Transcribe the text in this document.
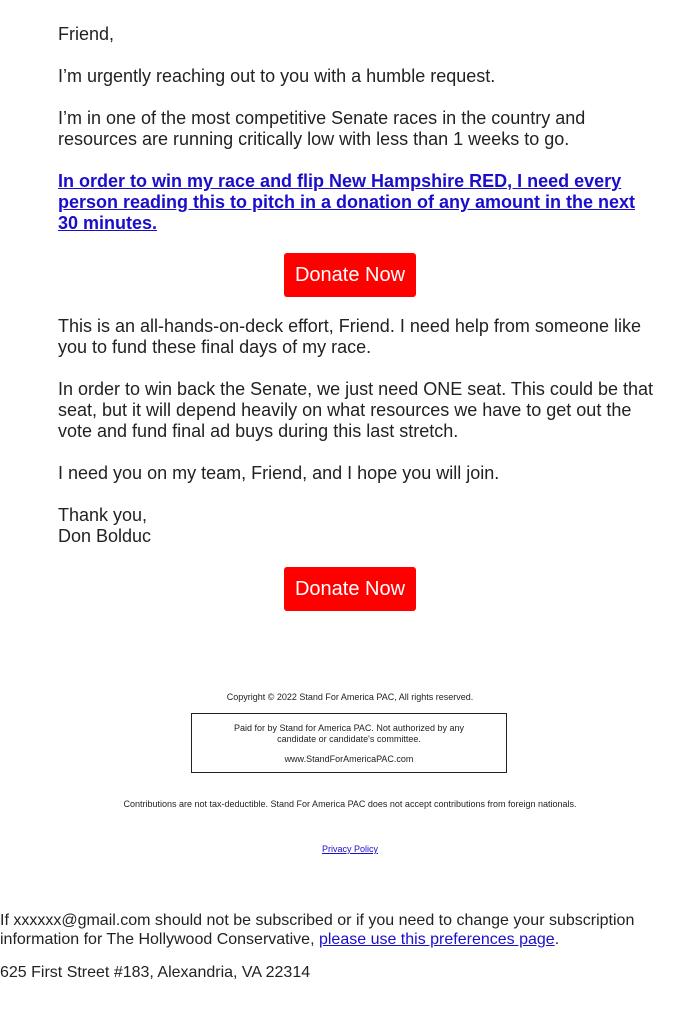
Friend,

I’m urgently reaching out to you with a humble request.

I’m in one of the most competitive Senate races in the country and resources are running critically low with less than 1 weeks to go.

In order to win my race and flip New Hampshire RED, I need every person reading this to pitch in a donation of any amount in the next 30 minutes.
Donate Now

This is an all-hands-on-deck effort, Friend. I need help from someone like you to fund these final days of my race.

In order to win back the Senate, we just need ONE seat. This could be that seat, but it will depend heavily on what resources we have to get out the vote and fund final ad buys during this last stretch.

I need you on my team, Friend, and I hope you will join.

Thank you,

Don Bolduc

Donate Now
Copyright © 2022 Stand For America PAC, All rights reserved.
Paid for by Stand for America PAC. Not authorized by any candidate or candidate's committee.
www.StandForAmericaPAC.com
Contributions are not tax-deductible. Stand For America PAC does not accept contributions from foreign nationals.
Privacy Policy
If xxxxxx@gmail.com should not be subscribed or if you need to change your subscription information for The Hollywood Conservative, please use this preferences page.
625 First Street #183, Alexandria, VA 22314
